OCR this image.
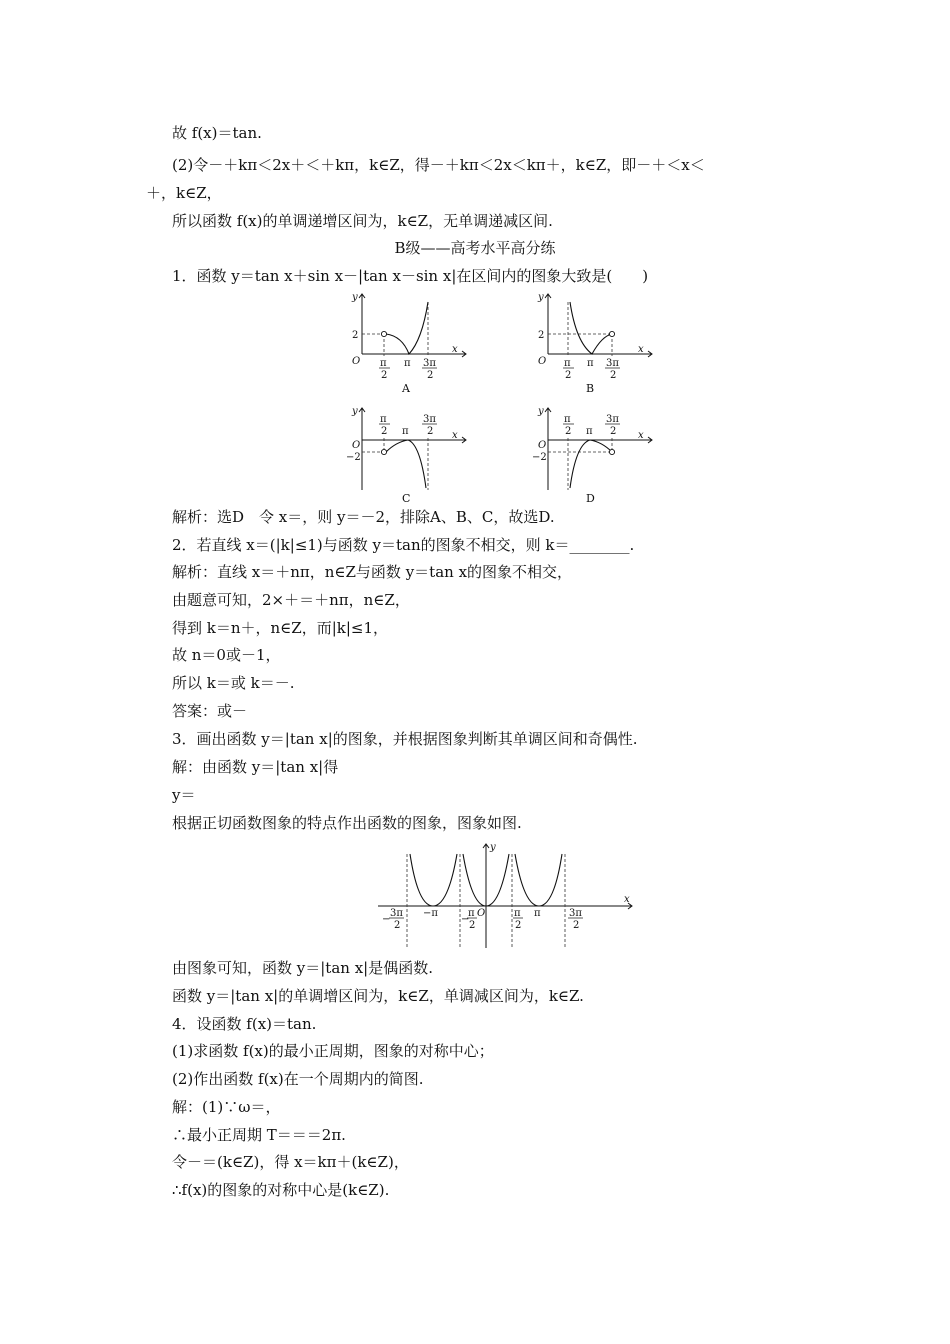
故 f(x)＝tan.
(2)令－＋kπ＜2x＋＜＋kπ，k∈Z，得－＋kπ＜2x＜kπ＋，k∈Z，即－＋＜x＜
＋，k∈Z，
所以函数 f(x)的单调递增区间为，k∈Z，无单调递减区间.
B级——高考水平高分练
1．函数 y＝tan x＋sin x－|tan x－sin x|在区间内的图象大致是(　　)
y
x
O
2
π
2
π 3π
2
A
y
x
O
2
π
2
π 3π
2
B
y
x
O
−2
π
2 π
3π
2
C
y
x
O
−2
π
2 π
3π
2
D
解析：选D　令 x＝，则 y＝－2，排除A、B、C，故选D.
2．若直线 x＝(|k|≤1)与函数 y＝tan的图象不相交，则 k＝________.
解析：直线 x＝＋nπ，n∈Z与函数 y＝tan x的图象不相交，
由题意可知，2×＋＝＋nπ，n∈Z，
得到 k＝n＋，n∈Z，而|k|≤1，
故 n＝0或－1，
所以 k＝或 k＝－.
答案：或－
3．画出函数 y＝|tan x|的图象，并根据图象判断其单调区间和奇偶性.
解：由函数 y＝|tan x|得
y＝
根据正切函数图象的特点作出函数的图象，图象如图.
y
x
O
−
3π
2
−π
−
π
2
π
2
π	3π
2
由图象可知，函数 y＝|tan x|是偶函数.
函数 y＝|tan x|的单调增区间为，k∈Z，单调减区间为，k∈Z.
4．设函数 f(x)＝tan.
(1)求函数 f(x)的最小正周期，图象的对称中心；
(2)作出函数 f(x)在一个周期内的简图.
解：(1)∵ω＝，
∴最小正周期 T＝＝＝2π.
令－＝(k∈Z)，得 x＝kπ＋(k∈Z)，
∴f(x)的图象的对称中心是(k∈Z).
